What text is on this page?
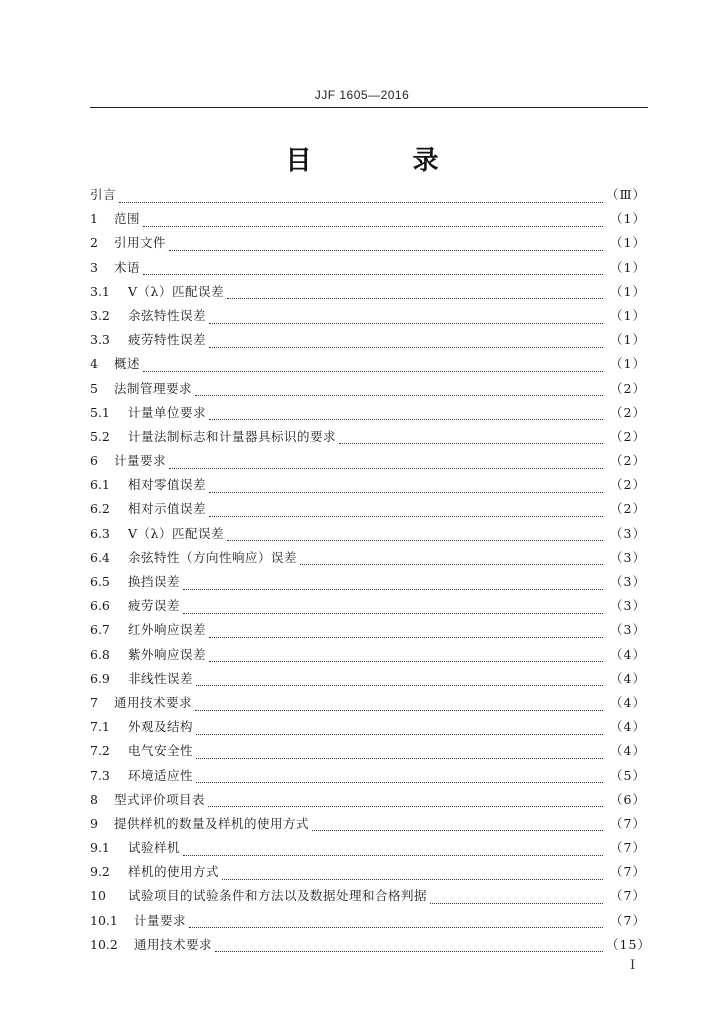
JJF 1605—2016
目 录
引言	（Ⅲ）
1	范围	（1）
2	引用文件	（1）
3	术语	（1）
3.1	V（λ）匹配误差	（1）
3.2	余弦特性误差	（1）
3.3	疲劳特性误差	（1）
4	概述	（1）
5	法制管理要求	（2）
5.1	计量单位要求	（2）
5.2	计量法制标志和计量器具标识的要求	（2）
6	计量要求	（2）
6.1	相对零值误差	（2）
6.2	相对示值误差	（2）
6.3	V（λ）匹配误差	（3）
6.4	余弦特性（方向性响应）误差	（3）
6.5	换挡误差	（3）
6.6	疲劳误差	（3）
6.7	红外响应误差	（3）
6.8	紫外响应误差	（4）
6.9	非线性误差	（4）
7	通用技术要求	（4）
7.1	外观及结构	（4）
7.2	电气安全性	（4）
7.3	环境适应性	（5）
8	型式评价项目表	（6）
9	提供样机的数量及样机的使用方式	（7）
9.1	试验样机	（7）
9.2	样机的使用方式	（7）
10	试验项目的试验条件和方法以及数据处理和合格判据	（7）
10.1	计量要求	（7）
10.2	通用技术要求	（15）
Ⅰ
